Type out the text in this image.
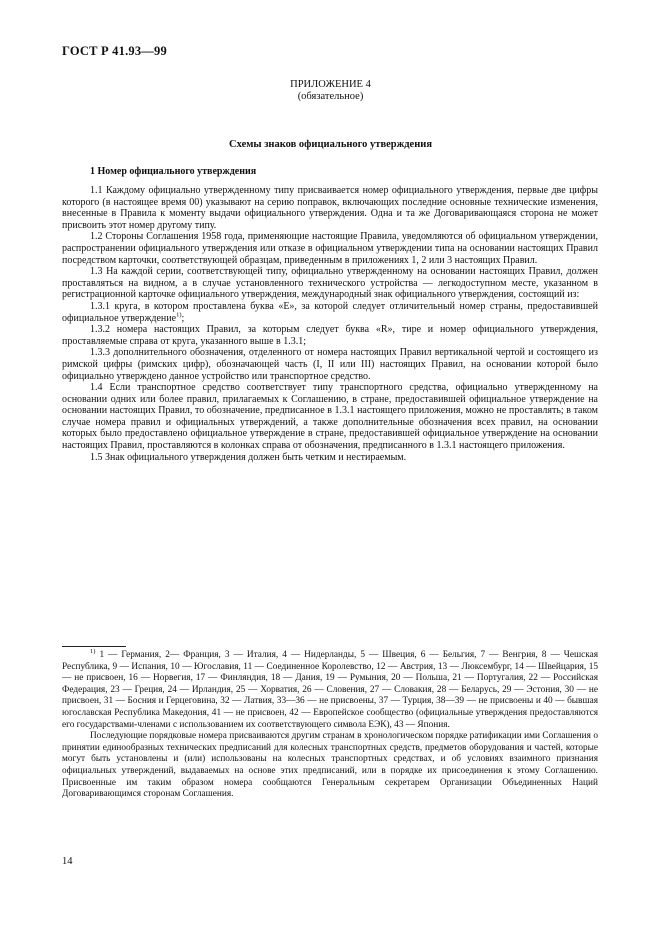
ГОСТ Р 41.93—99
ПРИЛОЖЕНИЕ 4
(обязательное)
Схемы знаков официального утверждения
1 Номер официального утверждения

1.1 Каждому официально утвержденному типу присваивается номер официального утверждения, первые две цифры которого (в настоящее время 00) указывают на серию поправок, включающих последние основные технические изменения, внесенные в Правила к моменту выдачи официального утверждения. Одна и та же Договаривающаяся сторона не может присвоить этот номер другому типу.

1.2 Стороны Соглашения 1958 года, применяющие настоящие Правила, уведомляются об официальном утверждении, распространении официального утверждения или отказе в официальном утверждении типа на основании настоящих Правил посредством карточки, соответствующей образцам, приведенным в приложениях 1, 2 или 3 настоящих Правил.

1.3 На каждой серии, соответствующей типу, официально утвержденному на основании настоящих Правил, должен проставляться на видном, а в случае установленного технического устройства — легкодоступном месте, указанном в регистрационной карточке официального утверждения, международный знак официального утверждения, состоящий из:

1.3.1 круга, в котором проставлена буква «Е», за которой следует отличительный номер страны, предоставившей официальное утверждение$^{1)}$;

1.3.2 номера настоящих Правил, за которым следует буква «R», тире и номер официального утверждения, проставляемые справа от круга, указанного выше в 1.3.1;

1.3.3 дополнительного обозначения, отделенного от номера настоящих Правил вертикальной чертой и состоящего из римской цифры (римских цифр), обозначающей часть (I, II или III) настоящих Правил, на основании которой было официально утверждено данное устройство или транспортное средство.

1.4 Если транспортное средство соответствует типу транспортного средства, официально утвержденному на основании одних или более правил, прилагаемых к Соглашению, в стране, предоставившей официальное утверждение на основании настоящих Правил, то обозначение, предписанное в 1.3.1 настоящего приложения, можно не проставлять; в таком случае номера правил и официальных утверждений, а также дополнительные обозначения всех правил, на основании которых было предоставлено официальное утверждение в стране, предоставившей официальное утверждение на основании настоящих Правил, проставляются в колонках справа от обозначения, предписанного в 1.3.1 настоящего приложения.

1.5 Знак официального утверждения должен быть четким и нестираемым.

$^{1)}$ 1 — Германия, 2— Франция, 3 — Италия, 4 — Нидерланды, 5 — Швеция, 6 — Бельгия, 7 — Венгрия, 8 — Чешская Республика, 9 — Испания, 10 — Югославия, 11 — Соединенное Королевство, 12 — Австрия, 13 — Люксембург, 14 — Швейцария, 15 — не присвоен, 16 — Норвегия, 17 — Финляндия, 18 — Дания, 19 — Румыния, 20 — Польша, 21 — Португалия, 22 — Российская Федерация, 23 — Греция, 24 — Ирландия, 25 — Хорватия, 26 — Словения, 27 — Словакия, 28 — Беларусь, 29 — Эстония, 30 — не присвоен, 31 — Босния и Герцеговина, 32 — Латвия, 33—36 — не присвоены, 37 — Турция, 38—39 — не присвоены и 40 — бывшая югославская Республика Македония, 41 — не присвоен, 42 — Европейское сообщество (официальные утверждения предоставляются его государствами-членами с использованием их соответствующего символа ЕЭК), 43 — Япония.

Последующие порядковые номера присваиваются другим странам в хронологическом порядке ратификации ими Соглашения о принятии единообразных технических предписаний для колесных транспортных средств, предметов оборудования и частей, которые могут быть установлены и (или) использованы на колесных транспортных средствах, и об условиях взаимного признания официальных утверждений, выдаваемых на основе этих предписаний, или в порядке их присоединения к этому Соглашению. Присвоенные им таким образом номера сообщаются Генеральным секретарем Организации Объединенных Наций Договаривающимся сторонам Соглашения.

14
